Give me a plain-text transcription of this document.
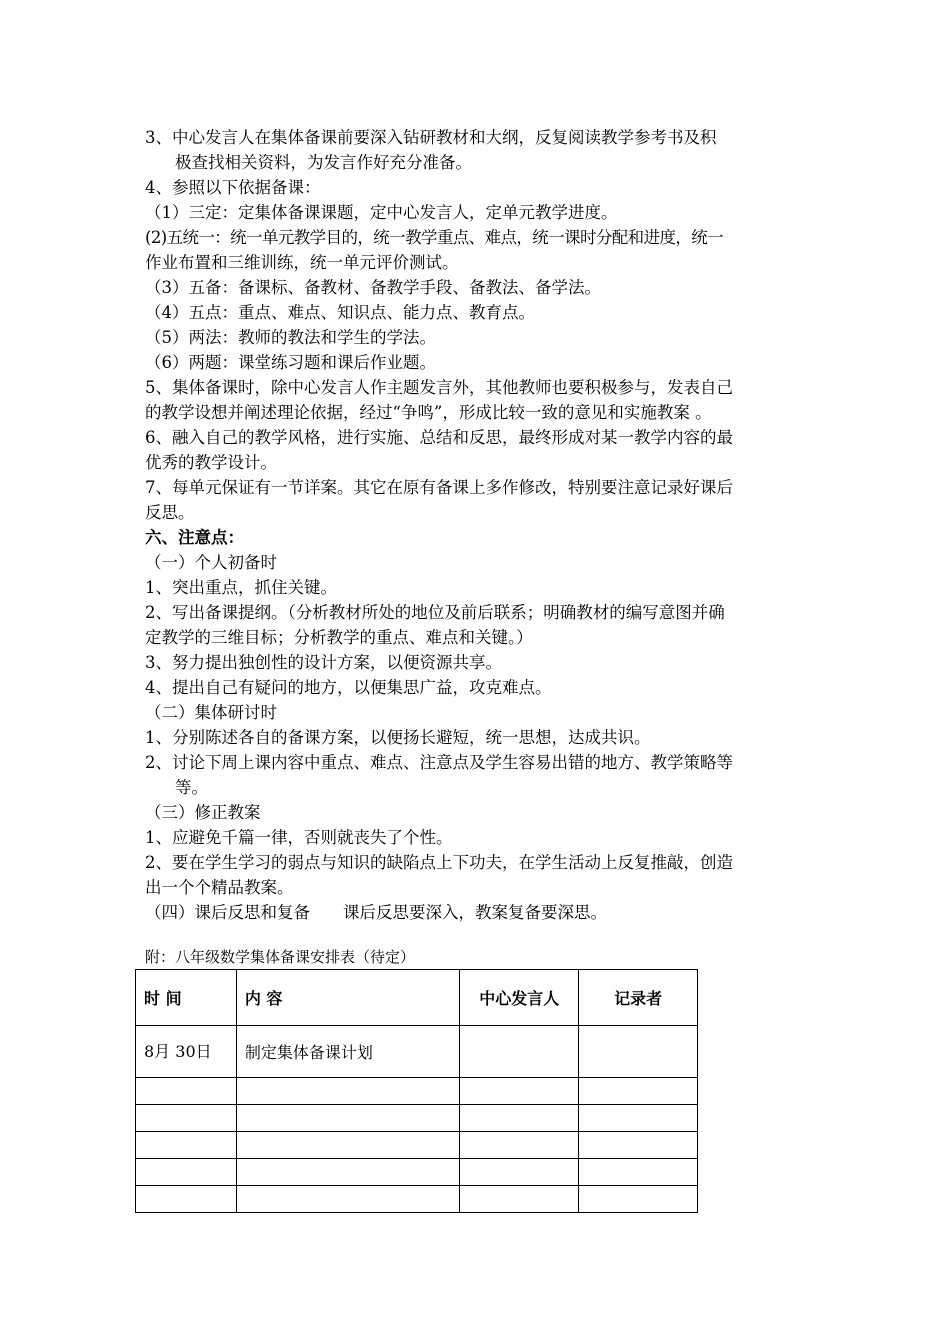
3、中心发言人在集体备课前要深入钻研教材和大纲，反复阅读教学参考书及积
极查找相关资料，为发言作好充分准备。
4、参照以下依据备课：
（1）三定：定集体备课课题，定中心发言人，定单元教学进度。
(2)五统一：统一单元教学目的，统一教学重点、难点，统一课时分配和进度，统一
作业布置和三维训练，统一单元评价测试。
（3）五备：备课标、备教材、备教学手段、备教法、备学法。
（4）五点：重点、难点、知识点、能力点、教育点。
（5）两法：教师的教法和学生的学法。
（6）两题：课堂练习题和课后作业题。
5、集体备课时，除中心发言人作主题发言外，其他教师也要积极参与，发表自己
的教学设想并阐述理论依据，经过“争鸣”，形成比较一致的意见和实施教案 。
6、融入自己的教学风格，进行实施、总结和反思，最终形成对某一教学内容的最
优秀的教学设计。
7、每单元保证有一节详案。其它在原有备课上多作修改，特别要注意记录好课后
反思。
六、注意点：
（一）个人初备时
1、突出重点，抓住关键。
2、写出备课提纲。（分析教材所处的地位及前后联系；明确教材的编写意图并确
定教学的三维目标；分析教学的重点、难点和关键。）
3、努力提出独创性的设计方案，以便资源共享。
4、提出自己有疑问的地方，以便集思广益，攻克难点。
（二）集体研讨时
1、分别陈述各自的备课方案，以便扬长避短，统一思想，达成共识。
2、讨论下周上课内容中重点、难点、注意点及学生容易出错的地方、教学策略等
等。
（三）修正教案
1、应避免千篇一律，否则就丧失了个性。
2、要在学生学习的弱点与知识的缺陷点上下功夫，在学生活动上反复推敲，创造
出一个个精品教案。
（四）课后反思和复备　　课后反思要深入，教案复备要深思。
附：八年级数学集体备课安排表（待定）
时 间	内 容	中心发言人	记录者
8月 30日	制定集体备课计划		
